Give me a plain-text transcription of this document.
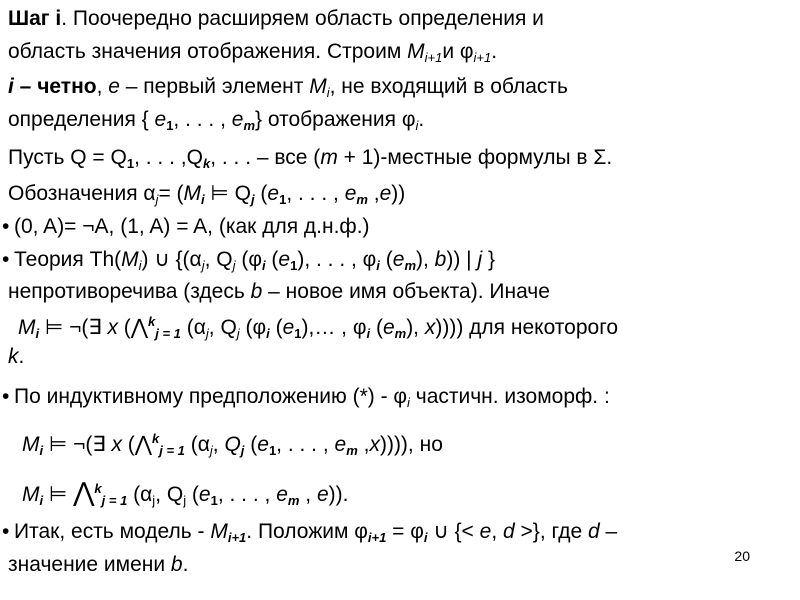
Шаг i. Поочередно расширяем область определения и
область значения отображения. Строим $M_{i+1}и$ $\varphi_{i+1}$.
i – четно, e – первый элемент $M_i$, не входящий в область
определения { $e_1$, . . . , $e_m$} отображения $\varphi_i$.
Пусть $Q = Q_1$, . . . $,Q_k$, . . . – все (m + 1)-местные формулы в Σ.
Обозначения $\alpha_j= (M_i$ ⊨ $Q_j$ ($e_1$, . . . , $e_m$ ,e))
• (0, A)= ¬A, (1, A) = A, (как для д.н.ф.)
• Теория $Th(M_i)$ ∪ {($\alpha_j$, $Q_j$ ($\varphi_i$ $(e_1)$, . . . , $\varphi_i$ $(e_m)$, b)) | j }
непротиворечива (здесь b – новое имя объекта). Иначе
$M_i$ ⊨ ¬(∃ x (⋀$^k_{j = 1}$ ($\alpha_j$, $Q_j$ ($\varphi_i$ $(e_1),\dots$ , $\varphi_i$ $(e_m)$, x)))) для некоторого
k.
• По индуктивному предположению (*) - $\varphi_i$ частичн. изоморф. :
$M_i$ ⊨ ¬(∃ x (⋀$^k_{j = 1}$ ($\alpha_j$, $Q_j$ ($e_1$, . . . , $e_m$ ,x)))), но
$M_i$ ⊨ ⋀$^k_{j = 1}$ ($\alpha_j$, $Q_j$ ($e_1$, . . . , $e_m$ , e)).
• Итак, есть модель - $M_{i+1}$. Положим $\varphi_{i+1} = \varphi_i$ ∪ {< e, d >}, где d –
значение имени b.	20
